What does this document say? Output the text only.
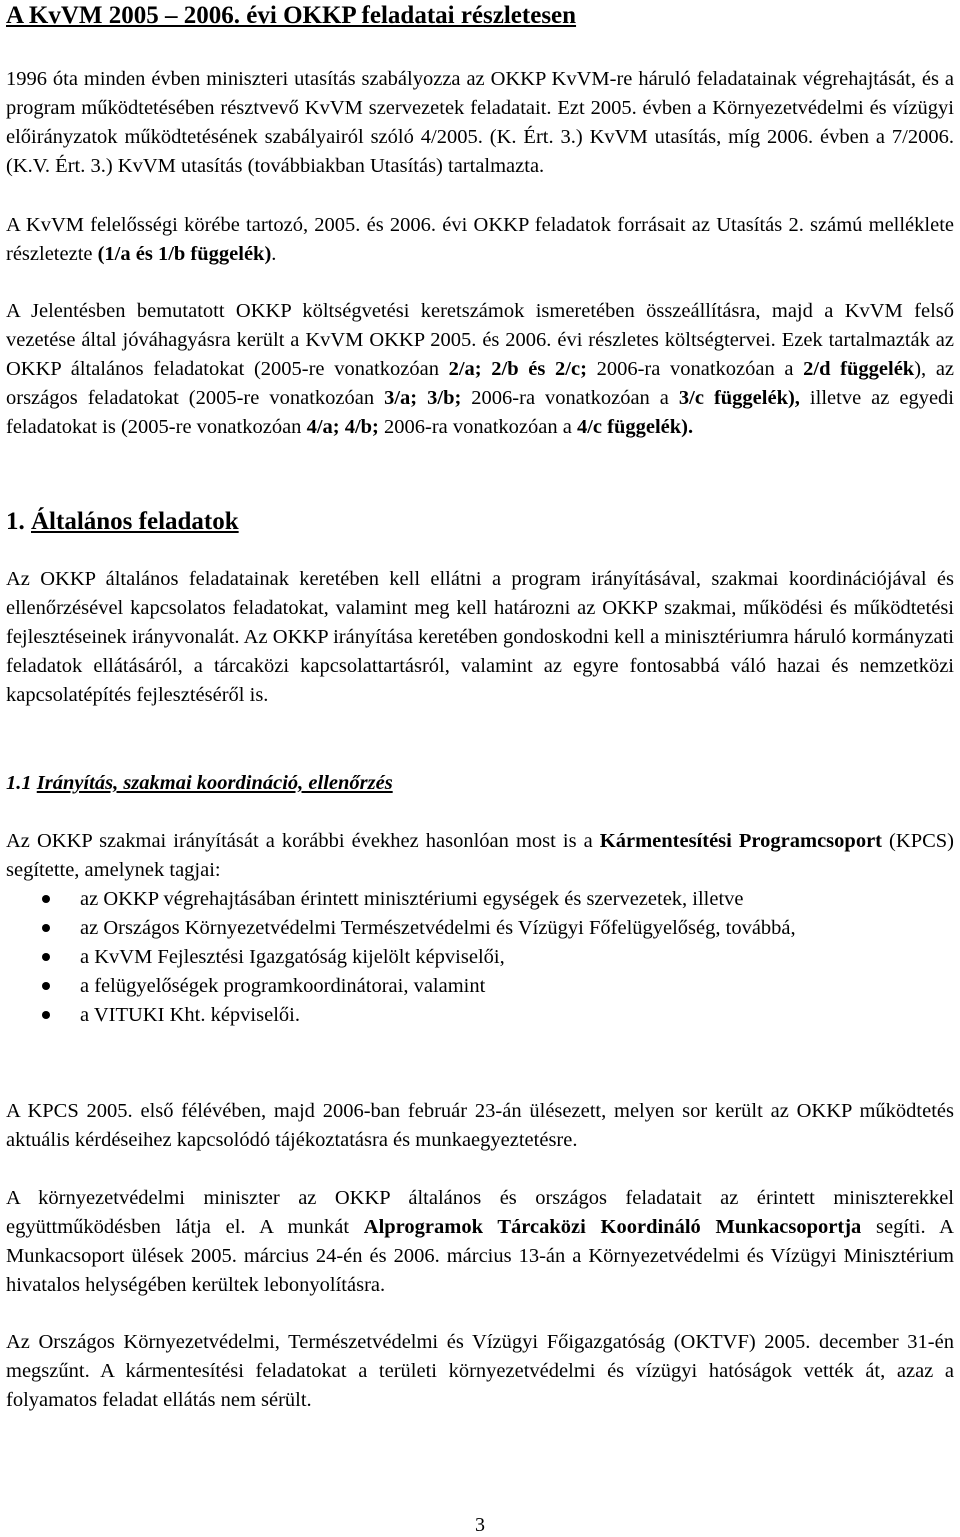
A KvVM 2005 – 2006. évi OKKP feladatai részletesen

1996 óta minden évben miniszteri utasítás szabályozza az OKKP KvVM-re háruló feladatainak végrehajtását, és a program működtetésében résztvevő KvVM szervezetek feladatait. Ezt 2005. évben a Környezetvédelmi és vízügyi előirányzatok működtetésének szabályairól szóló 4/2005. (K. Ért. 3.) KvVM utasítás, míg 2006. évben a 7/2006. (K.V. Ért. 3.) KvVM utasítás (továbbiakban Utasítás) tartalmazta.

A KvVM felelősségi körébe tartozó, 2005. és 2006. évi OKKP feladatok forrásait az Utasítás 2. számú melléklete részletezte (1/a és 1/b függelék).

A Jelentésben bemutatott OKKP költségvetési keretszámok ismeretében összeállításra, majd a KvVM felső vezetése által jóváhagyásra került a KvVM OKKP 2005. és 2006. évi részletes költségtervei. Ezek tartalmazták az OKKP általános feladatokat (2005-re vonatkozóan 2/a; 2/b és 2/c; 2006-ra vonatkozóan a 2/d függelék), az országos feladatokat (2005-re vonatkozóan 3/a; 3/b; 2006-ra vonatkozóan a 3/c függelék), illetve az egyedi feladatokat is (2005-re vonatkozóan 4/a; 4/b; 2006-ra vonatkozóan a 4/c függelék).

1. Általános feladatok

Az OKKP általános feladatainak keretében kell ellátni a program irányításával, szakmai koordinációjával és ellenőrzésével kapcsolatos feladatokat, valamint meg kell határozni az OKKP szakmai, működési és működtetési fejlesztéseinek irányvonalát. Az OKKP irányítása keretében gondoskodni kell a minisztériumra háruló kormányzati feladatok ellátásáról, a tárcaközi kapcsolattartásról, valamint az egyre fontosabbá váló hazai és nemzetközi kapcsolatépítés fejlesztéséről is.

1.1 Irányítás, szakmai koordináció, ellenőrzés

Az OKKP szakmai irányítását a korábbi évekhez hasonlóan most is a Kármentesítési Programcsoport (KPCS) segítette, amelynek tagjai:

az OKKP végrehajtásában érintett minisztériumi egységek és szervezetek, illetve
az Országos Környezetvédelmi Természetvédelmi és Vízügyi Főfelügyelőség, továbbá,
a KvVM Fejlesztési Igazgatóság kijelölt képviselői,
a felügyelőségek programkoordinátorai, valamint
a VITUKI Kht. képviselői.

A KPCS 2005. első félévében, majd 2006-ban február 23-án ülésezett, melyen sor került az OKKP működtetés aktuális kérdéseihez kapcsolódó tájékoztatásra és munkaegyeztetésre.

A környezetvédelmi miniszter az OKKP általános és országos feladatait az érintett miniszterekkel együttműködésben látja el. A munkát Alprogramok Tárcaközi Koordináló Munkacsoportja segíti. A Munkacsoport ülések 2005. március 24-én és 2006. március 13-án a Környezetvédelmi és Vízügyi Minisztérium hivatalos helységében kerültek lebonyolításra.

Az Országos Környezetvédelmi, Természetvédelmi és Vízügyi Főigazgatóság (OKTVF) 2005. december 31-én megszűnt. A kármentesítési feladatokat a területi környezetvédelmi és vízügyi hatóságok vették át, azaz a folyamatos feladat ellátás nem sérült.

3
